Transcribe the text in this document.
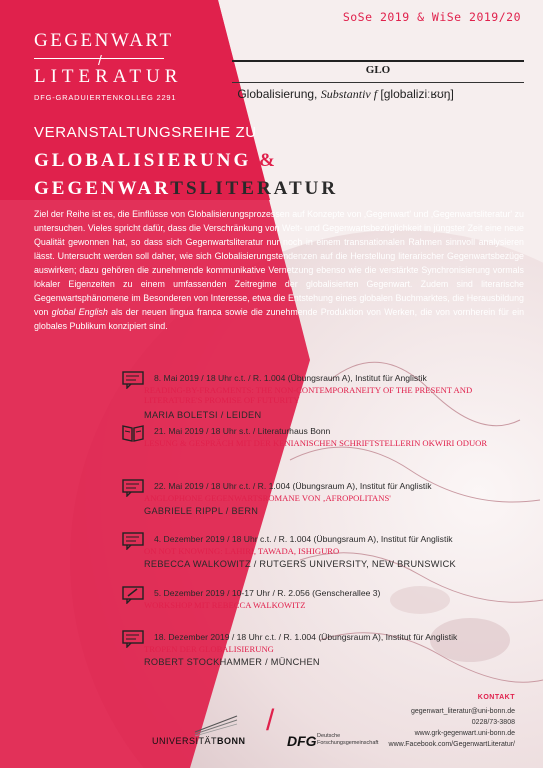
SoSe 2019 & WiSe 2019/20
GEGENWART
/
LITERATUR
DFG-GRADUIERTENKOLLEG 2291
GLO
/ Globalisierung, Substantiv f [globaliziːʁʊŋ]
VERANSTALTUNGSREIHE ZU
GLOBALISIERUNG &
GEGENWARTSLITERATUR
Ziel der Reihe ist es, die Einflüsse von Globalisierungsprozessen auf Konzepte von ‚Gegenwart' und ‚Gegenwartsliteratur' zu untersuchen. Vieles spricht dafür, dass die Verschränkung von Welt- und Gegenwartsbezüglichkeit in jüngster Zeit eine neue Qualität gewonnen hat, so dass sich Gegenwartsliteratur nur noch in einem transnationalen Rahmen sinnvoll analysieren lässt. Untersucht werden soll daher, wie sich Globalisierungstendenzen auf die Herstellung literarischer Gegenwartsbezüge auswirken; dazu gehören die zunehmende kommunikative Vernetzung ebenso wie die verstärkte Synchronisierung vormals lokaler Eigenzeiten zu einem umfassenden Zeitregime der globalisierten Gegenwart. Zudem sind literarische Gegenwartsphänomene im Besonderen von Interesse, etwa die Entstehung eines globalen Buchmarktes, die Herausbildung von global English als der neuen lingua franca sowie die zunehmende Produktion von Werken, die von vornherein für ein globales Publikum konzipiert sind.
8. Mai 2019 / 18 Uhr c.t. / R. 1.004 (Übungsraum A), Institut für Anglistik
READING-BY-FRAGMENTS: THE NON-CONTEMPORANEITY OF THE PRESENT AND LITERATURE'S PROMISE OF FUTURITY
MARIA BOLETSI / LEIDEN
21. Mai 2019 / 18 Uhr s.t. / Literaturhaus Bonn
LESUNG & GESPRÄCH MIT DER KENIANISCHEN SCHRIFTSTELLERIN OKWIRI ODUOR
22. Mai 2019 / 18 Uhr c.t. / R. 1.004 (Übungsraum A), Institut für Anglistik
ANGLOPHONE GEGENWARTSROMANE VON ‚AFROPOLITANS'
GABRIELE RIPPL / BERN
4. Dezember 2019 / 18 Uhr c.t. / R. 1.004 (Übungsraum A), Institut für Anglistik
ON NOT KNOWING: LAHIRI, TAWADA, ISHIGURO
REBECCA WALKOWITZ / RUTGERS UNIVERSITY, NEW BRUNSWICK
5. Dezember 2019 / 10-17 Uhr / R. 2.056 (Genscherallee 3)
WORKSHOP MIT REBECCA WALKOWITZ
18. Dezember 2019 / 18 Uhr c.t. / R. 1.004 (Übungsraum A), Institut für Anglistik
TROPEN DER GLOBALISIERUNG
ROBERT STOCKHAMMER / MÜNCHEN
KONTAKT
gegenwart_literatur@uni-bonn.de
0228/73-3808
www.grk-gegenwart.uni-bonn.de
www.Facebook.com/GegenwartLiteratur/
UNIVERSITÄTBONN
/
DFG Deutsche
Forschungsgemeinschaft
